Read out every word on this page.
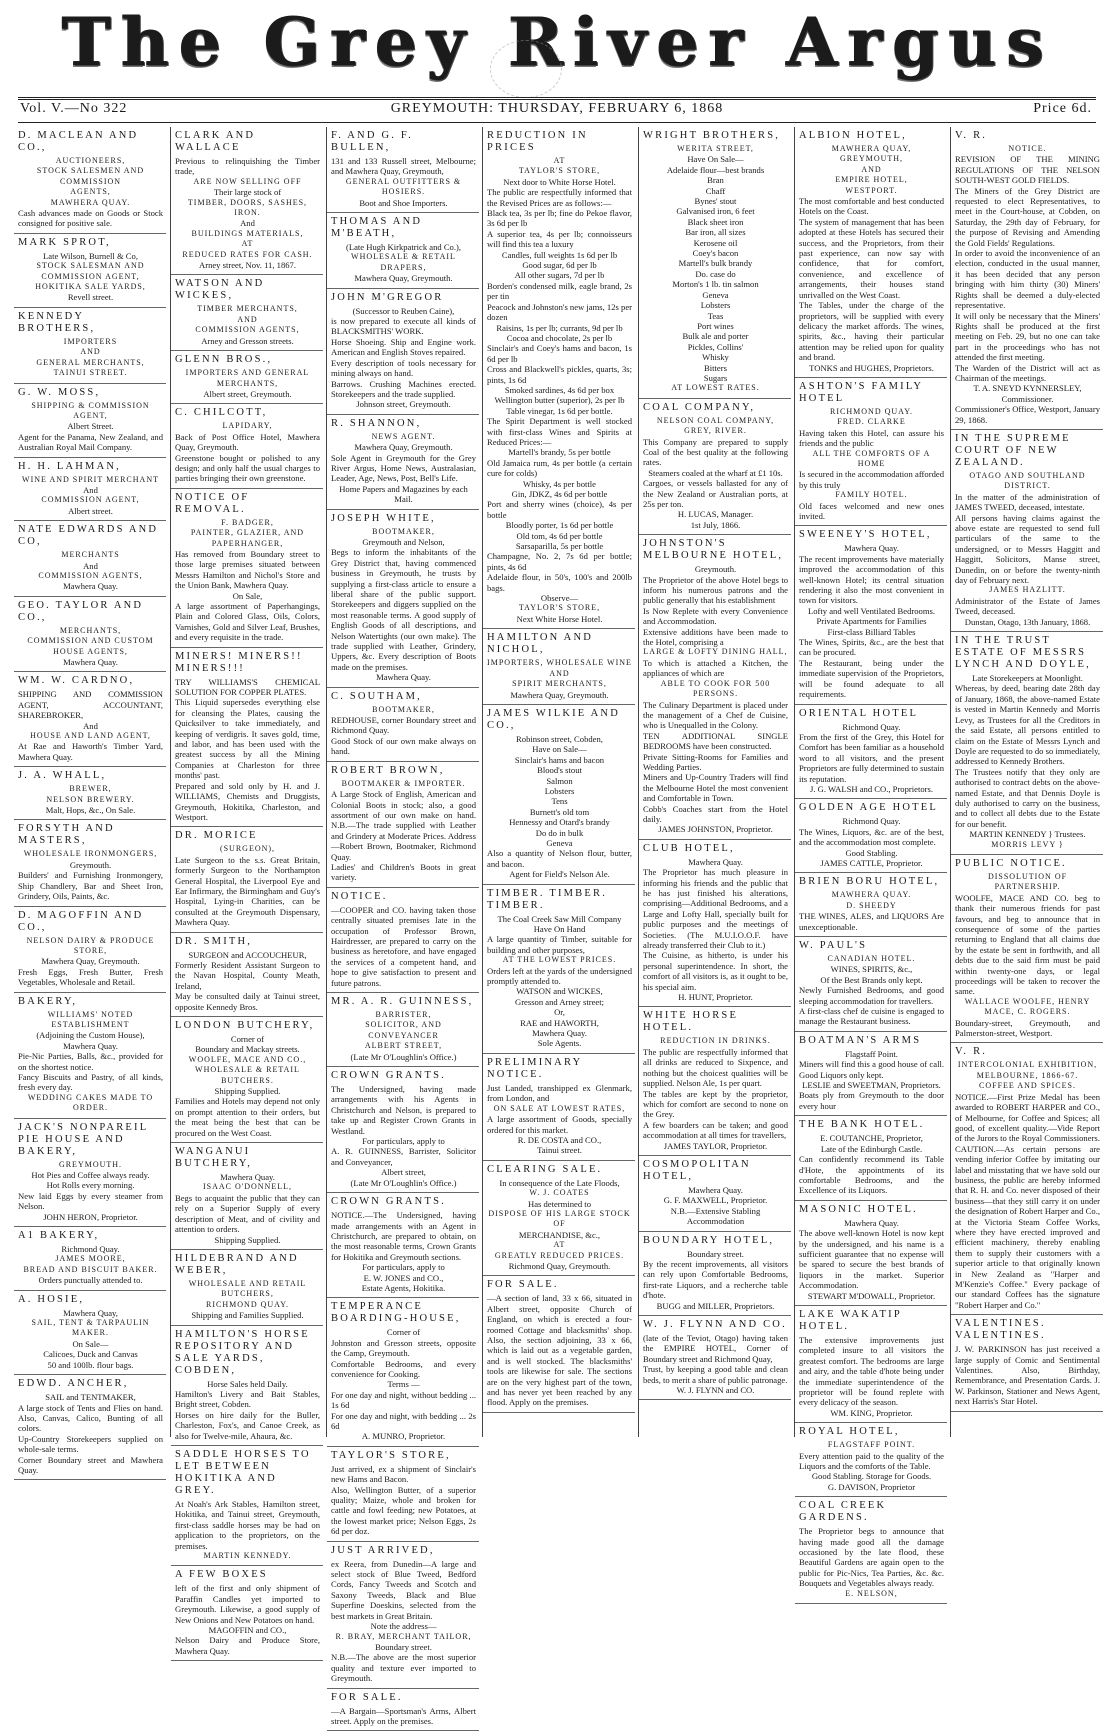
The Grey River Argus
Vol. V.—No 322	GREYMOUTH: THURSDAY, FEBRUARY 6, 1868	Price 6d.
D. MACLEAN AND CO.,
AUCTIONEERS,
STOCK SALESMEN AND COMMISSION
AGENTS,
MAWHERA QUAY.
Cash advances made on Goods or Stock consigned for positive sale.
MARK SPROT,
Late Wilson, Burnell & Co,
STOCK SALESMAN AND COMMISSION AGENT,
HOKITIKA SALE YARDS,
Revell street.
KENNEDY BROTHERS,
IMPORTERS
AND
GENERAL MERCHANTS,
TAINUI STREET.
G. W. MOSS,
SHIPPING & COMMISSION AGENT,
Albert Street.
Agent for the Panama, New Zealand, and Australian Royal Mail Company.
H. H. LAHMAN,
WINE AND SPIRIT MERCHANT
And
COMMISSION AGENT,
Albert street.
NATE EDWARDS AND CO,
MERCHANTS
And
COMMISSION AGENTS,
Mawhera Quay.
GEO. TAYLOR AND CO.,
MERCHANTS,
COMMISSION AND CUSTOM HOUSE AGENTS,
Mawhera Quay.
WM. W. CARDNO,
SHIPPING AND COMMISSION AGENT, ACCOUNTANT, SHAREBROKER,
And
HOUSE AND LAND AGENT,
At Rae and Haworth's Timber Yard, Mawhera Quay.
J. A. WHALL,
BREWER,
NELSON BREWERY.
Malt, Hops, &c., On Sale.
FORSYTH AND MASTERS,
WHOLESALE IRONMONGERS,
Greymouth.
Builders' and Furnishing Ironmongery, Ship Chandlery, Bar and Sheet Iron, Grindery, Oils, Paints, &c.
D. MAGOFFIN AND CO.,
NELSON DAIRY & PRODUCE STORE,
Mawhera Quay, Greymouth.
Fresh Eggs, Fresh Butter, Fresh Vegetables, Wholesale and Retail.
BAKERY,
WILLIAMS' NOTED ESTABLISHMENT
(Adjoining the Custom House),
Mawhera Quay.
Pie-Nic Parties, Balls, &c., provided for on the shortest notice.
Fancy Biscuits and Pastry, of all kinds, fresh every day.
WEDDING CAKES MADE TO ORDER.
JACK'S NONPAREIL PIE HOUSE AND BAKERY,
GREYMOUTH.
Hot Pies and Coffee always ready.
Hot Rolls every morning.
New laid Eggs by every steamer from Nelson.
JOHN HERON, Proprietor.
A1 BAKERY,
Richmond Quay.
JAMES MOORE,
BREAD AND BISCUIT BAKER.
Orders punctually attended to.
A. HOSIE,
Mawhera Quay,
SAIL, TENT & TARPAULIN MAKER.
On Sale—
Calicoes, Duck and Canvas
50 and 100lb. flour bags.
EDWD. ANCHER,
SAIL and TENTMAKER,
A large stock of Tents and Flies on hand. Also, Canvas, Calico, Bunting of all colors.
Up-Country Storekeepers supplied on whole-sale terms.
Corner Boundary street and Mawhera Quay.
CLARK AND WALLACE
Previous to relinquishing the Timber trade,
ARE NOW SELLING OFF
Their large stock of
TIMBER, DOORS, SASHES, IRON.
And
BUILDINGS MATERIALS,
AT
REDUCED RATES FOR CASH.
Arney street, Nov. 11, 1867.
WATSON AND WICKES,
TIMBER MERCHANTS,
AND
COMMISSION AGENTS,
Arney and Gresson streets.
GLENN BROS.,
IMPORTERS AND GENERAL
MERCHANTS,
Albert street, Greymouth.
C. CHILCOTT,
LAPIDARY,
Back of Post Office Hotel, Mawhera Quay, Greymouth.
Greenstone bought or polished to any design; and only half the usual charges to parties bringing their own greenstone.
NOTICE OF REMOVAL.
F. BADGER,
PAINTER, GLAZIER, AND PAPERHANGER,
Has removed from Boundary street to those large premises situated between Messrs Hamilton and Nichol's Store and the Union Bank, Mawhera Quay.
On Sale,
A large assortment of Paperhangings, Plain and Colored Glass, Oils, Colors, Varnishes, Gold and Silver Leaf, Brushes, and every requisite in the trade.
MINERS! MINERS!! MINERS!!!
TRY WILLIAMS'S CHEMICAL SOLUTION FOR COPPER PLATES.
This Liquid supersedes everything else for cleansing the Plates, causing the Quicksilver to take immediately, and keeping of verdigris. It saves gold, time, and labor, and has been used with the greatest success by all the Mining Companies at Charleston for three months' past.
Prepared and sold only by H. and J. WILLIAMS, Chemists and Druggists, Greymouth, Hokitika, Charleston, and Westport.
DR. MORICE
(SURGEON),
Late Surgeon to the s.s. Great Britain, formerly Surgeon to the Northampton General Hospital, the Liverpool Eye and Ear Infirmary, the Birmingham and Guy's Hospital, Lying-in Charities, can be consulted at the Greymouth Dispensary, Mawhera Quay.
DR. SMITH,
SURGEON and ACCOUCHEUR,
Formerly Resident Assistant Surgeon to the Navan Hospital, County Meath, Ireland,
May be consulted daily at Tainui street, opposite Kennedy Bros.
LONDON BUTCHERY,
Corner of
Boundary and Mackay streets.
WOOLFE, MACE AND CO.,
WHOLESALE & RETAIL BUTCHERS.
Shipping Supplied.
Families and Hotels may depend not only on prompt attention to their orders, but the meat being the best that can be procured on the West Coast.
WANGANUI BUTCHERY,
Mawhera Quay.
ISAAC O'DONNELL,
Begs to acquaint the public that they can rely on a Superior Supply of every description of Meat, and of civility and attention to orders.
Shipping Supplied.
HILDEBRAND AND WEBER,
WHOLESALE AND RETAIL
BUTCHERS,
RICHMOND QUAY.
Shipping and Families Supplied.
HAMILTON'S HORSE REPOSITORY AND SALE YARDS, COBDEN,
Horse Sales held Daily.
Hamilton's Livery and Bait Stables, Bright street, Cobden.
Horses on hire daily for the Buller, Charleston, Fox's, and Canoe Creek, as also for Twelve-mile, Ahaura, &c.
SADDLE HORSES TO LET BETWEEN HOKITIKA AND GREY.
At Noah's Ark Stables, Hamilton street, Hokitika, and Tainui street, Greymouth, first-class saddle horses may be had on application to the proprietors, on the premises.
MARTIN KENNEDY.
A FEW BOXES
left of the first and only shipment of Paraffin Candles yet imported to Greymouth. Likewise, a good supply of New Onions and New Potatoes on hand.
MAGOFFIN and CO.,
Nelson Dairy and Produce Store, Mawhera Quay.
F. AND G. F. BULLEN,
131 and 133 Russell street, Melbourne; and Mawhera Quay, Greymouth,
GENERAL OUTFITTERS & HOSIERS.
Boot and Shoe Importers.
THOMAS AND M'BEATH,
(Late Hugh Kirkpatrick and Co.),
WHOLESALE & RETAIL DRAPERS,
Mawhera Quay, Greymouth.
JOHN M'GREGOR
(Successor to Reuben Caine),
is now prepared to execute all kinds of BLACKSMITHS' WORK.
Horse Shoeing. Ship and Engine work. American and English Stoves repaired.
Every description of tools necessary for mining always on hand.
Barrows. Crushing Machines erected. Storekeepers and the trade supplied.
Johnson street, Greymouth.
R. SHANNON,
NEWS AGENT.
Mawhera Quay, Greymouth.
Sole Agent in Greymouth for the Grey River Argus, Home News, Australasian, Leader, Age, News, Post, Bell's Life.
Home Papers and Magazines by each Mail.
JOSEPH WHITE,
BOOTMAKER,
Greymouth and Nelson,
Begs to inform the inhabitants of the Grey District that, having commenced business in Greymouth, he trusts by supplying a first-class article to ensure a liberal share of the public support. Storekeepers and diggers supplied on the most reasonable terms. A good supply of English Goods of all descriptions, and Nelson Watertights (our own make). The trade supplied with Leather, Grindery, Uppers, &c. Every description of Boots made on the premises.
Mawhera Quay.
C. SOUTHAM,
BOOTMAKER,
REDHOUSE, corner Boundary street and Richmond Quay.
Good Stock of our own make always on hand.
ROBERT BROWN,
BOOTMAKER & IMPORTER.
A Large Stock of English, American and Colonial Boots in stock; also, a good assortment of our own make on hand. N.B.—The trade supplied with Leather and Grindery at Moderate Prices. Address—Robert Brown, Bootmaker, Richmond Quay.
Ladies' and Children's Boots in great variety.
NOTICE.
—COOPER and CO. having taken those centrally situated premises late in the occupation of Professor Brown, Hairdresser, are prepared to carry on the business as heretofore, and have engaged the services of a competent hand, and hope to give satisfaction to present and future patrons.
MR. A. R. GUINNESS,
BARRISTER,
SOLICITOR, AND CONVEYANCER
ALBERT STREET,
(Late Mr O'Loughlin's Office.)
CROWN GRANTS.
The Undersigned, having made arrangements with his Agents in Christchurch and Nelson, is prepared to take up and Register Crown Grants in Westland.
For particulars, apply to
A. R. GUINNESS, Barrister, Solicitor and Conveyancer,
Albert street,
(Late Mr O'Loughlin's Office.)
CROWN GRANTS.
NOTICE.—The Undersigned, having made arrangements with an Agent in Christchurch, are prepared to obtain, on the most reasonable terms, Crown Grants for Hokitika and Greymouth sections.
For particulars, apply to
E. W. JONES and CO.,
Estate Agents, Hokitika.
TEMPERANCE BOARDING-HOUSE,
Corner of
Johnston and Gresson streets, opposite the Camp, Greymouth.
Comfortable Bedrooms, and every convenience for Cooking.
Terms —
For one day and night, without bedding ... 1s 6d
For one day and night, with bedding ... 2s 6d
A. MUNRO, Proprietor.
TAYLOR'S STORE,
Just arrived, ex a shipment of Sinclair's new Hams and Bacon.
Also, Wellington Butter, of a superior quality; Maize, whole and broken for cattle and fowl feeding; new Potatoes, at the lowest market price; Nelson Eggs, 2s 6d per doz.
JUST ARRIVED,
ex Reera, from Dunedin—A large and select stock of Blue Tweed, Bedford Cords, Fancy Tweeds and Scotch and Saxony Tweeds, Black and Blue Superfine Doeskins, selected from the best markets in Great Britain.
Note the address—
R. BRAY, MERCHANT TAILOR,
Boundary street.
N.B.—The above are the most superior quality and texture ever imported to Greymouth.
FOR SALE.
—A Bargain—Sportsman's Arms, Albert street. Apply on the premises.
REDUCTION IN PRICES
AT
TAYLOR'S STORE,
Next door to White Horse Hotel.
The public are respectfully informed that the Revised Prices are as follows:—
Black tea, 3s per lb; fine do Pekoe flavor, 3s 6d per lb
A superior tea, 4s per lb; connoisseurs will find this tea a luxury
Candles, full weights 1s 6d per lb
Good sugar, 6d per lb
All other sugars, 7d per lb
Borden's condensed milk, eagle brand, 2s per tin
Peacock and Johnston's new jams, 12s per dozen
Raisins, 1s per lb; currants, 9d per lb
Cocoa and chocolate, 2s per lb
Sinclair's and Coey's hams and bacon, 1s 6d per lb
Cross and Blackwell's pickles, quarts, 3s; pints, 1s 6d
Smoked sardines, 4s 6d per box
Wellington butter (superior), 2s per lb
Table vinegar, 1s 6d per bottle.
The Spirit Department is well stocked with first-class Wines and Spirits at Reduced Prices:—
Martell's brandy, 5s per bottle
Old Jamaica rum, 4s per bottle (a certain cure for colds)
Whisky, 4s per bottle
Gin, JDKZ, 4s 6d per bottle
Port and sherry wines (choice), 4s per bottle
Bloodly porter, 1s 6d per bottle
Old tom, 4s 6d per bottle
Sarsaparilla, 5s per bottle
Champagne, No. 2, 7s 6d per bottle; pints, 4s 6d
Adelaide flour, in 50's, 100's and 200lb bags.
Observe—
TAYLOR'S STORE,
Next White Horse Hotel.
HAMILTON AND NICHOL,
IMPORTERS, WHOLESALE WINE AND
SPIRIT MERCHANTS,
Mawhera Quay, Greymouth.
JAMES WILKIE AND CO.,
Robinson street, Cobden,
Have on Sale—
Sinclair's hams and bacon
Blood's stout
Salmon
Lobsters
Tens
Burnett's old tom
Hennessy and Otard's brandy
Do do in bulk
Geneva
Also a quantity of Nelson flour, butter, and bacon.
Agent for Field's Nelson Ale.
TIMBER. TIMBER. TIMBER.
The Coal Creek Saw Mill Company
Have On Hand
A large quantity of Timber, suitable for building and other purposes,
AT THE LOWEST PRICES.
Orders left at the yards of the undersigned promptly attended to.
WATSON and WICKES,
Gresson and Arney street;
Or,
RAE and HAWORTH,
Mawhera Quay.
Sole Agents.
PRELIMINARY NOTICE.
Just Landed, transhipped ex Glenmark, from London, and
ON SALE AT LOWEST RATES,
A large assortment of Goods, specially ordered for this market.
R. DE COSTA and CO.,
Tainui street.
CLEARING SALE.
In consequence of the Late Floods,
W. J. COATES
Has determined to
DISPOSE OF HIS LARGE STOCK OF
MERCHANDISE, &c.,
AT
GREATLY REDUCED PRICES.
Richmond Quay, Greymouth.
FOR SALE.
—A section of land, 33 x 66, situated in Albert street, opposite Church of England, on which is erected a four-roomed Cottage and blacksmiths' shop. Also, the section adjoining, 33 x 66, which is laid out as a vegetable garden, and is well stocked. The blacksmiths' tools are likewise for sale. The sections are on the very highest part of the town, and has never yet been reached by any flood. Apply on the premises.
WRIGHT BROTHERS,
WERITA STREET,
Have On Sale—
Adelaide flour—best brands
Bran
Chaff
Bynes' stout
Galvanised iron, 6 feet
Black sheet iron
Bar iron, all sizes
Kerosene oil
Coey's bacon
Martell's bulk brandy
Do. case do
Morton's 1 lb. tin salmon
Geneva
Lobsters
Teas
Port wines
Bulk ale and porter
Pickles, Collins'
Whisky
Bitters
Sugars
AT LOWEST RATES.
COAL COMPANY,
NELSON COAL COMPANY, GREY, RIVER.
This Company are prepared to supply Coal of the best quality at the following rates.
Steamers coaled at the wharf at £1 10s.
Cargoes, or vessels ballasted for any of the New Zealand or Australian ports, at 25s per ton.
H. LUCAS, Manager.
1st July, 1866.
JOHNSTON'S MELBOURNE HOTEL,
Greymouth.
The Proprietor of the above Hotel begs to inform his numerous patrons and the public generally that his establishment
Is Now Replete with every Convenience and Accommodation.
Extensive additions have been made to the Hotel, comprising a
LARGE & LOFTY DINING HALL,
To which is attached a Kitchen, the appliances of which are
ABLE TO COOK FOR 500 PERSONS.
The Culinary Department is placed under the management of a Chef de Cuisine, who is Unequalled in the Colony.
TEN ADDITIONAL SINGLE BEDROOMS have been constructed.
Private Sitting-Rooms for Families and Wedding Parties.
Miners and Up-Country Traders will find the Melbourne Hotel the most convenient and Comfortable in Town.
Cobb's Coaches start from the Hotel daily.
JAMES JOHNSTON, Proprietor.
CLUB HOTEL,
Mawhera Quay.
The Proprietor has much pleasure in informing his friends and the public that he has just finished his alterations, comprising—Additional Bedrooms, and a Large and Lofty Hall, specially built for public purposes and the meetings of Societies. (The M.U.I.O.O.F. have already transferred their Club to it.)
The Cuisine, as hitherto, is under his personal superintendence. In short, the comfort of all visitors is, as it ought to be, his special aim.
H. HUNT, Proprietor.
WHITE HORSE HOTEL.
REDUCTION IN DRINKS.
The public are respectfully informed that all drinks are reduced to Sixpence, and nothing but the choicest qualities will be supplied. Nelson Ale, 1s per quart.
The tables are kept by the proprietor, which for comfort are second to none on the Grey.
A few boarders can be taken; and good accommodation at all times for travellers,
JAMES TAYLOR, Proprietor.
COSMOPOLITAN HOTEL,
Mawhera Quay.
G. F. MAXWELL, Proprietor.
N.B.—Extensive Stabling Accommodation
BOUNDARY HOTEL,
Boundary street.
By the recent improvements, all visitors can rely upon Comfortable Bedrooms, first-rate Liquors, and a recherche table d'hote.
BUGG and MILLER, Proprietors.
W. J. FLYNN AND CO.
(late of the Teviot, Otago) having taken the EMPIRE HOTEL, Corner of Boundary street and Richmond Quay,
Trust, by keeping a good table and clean beds, to merit a share of public patronage.
W. J. FLYNN and CO.
ALBION HOTEL,
MAWHERA QUAY, GREYMOUTH,
AND
EMPIRE HOTEL,
WESTPORT.
The most comfortable and best conducted Hotels on the Coast.
The system of management that has been adopted at these Hotels has secured their success, and the Proprietors, from their past experience, can now say with confidence, that for comfort, convenience, and excellence of arrangements, their houses stand unrivalled on the West Coast.
The Tables, under the charge of the proprietors, will be supplied with every delicacy the market affords. The wines, spirits, &c., having their particular attention may be relied upon for quality and brand.
TONKS and HUGHES, Proprietors.
ASHTON'S FAMILY HOTEL
RICHMOND QUAY.
FRED. CLARKE
Having taken this Hotel, can assure his friends and the public
ALL THE COMFORTS OF A HOME
Is secured in the accommodation afforded by this truly
FAMILY HOTEL.
Old faces welcomed and new ones invited.
SWEENEY'S HOTEL,
Mawhera Quay.
The recent improvements have materially improved the accommodation of this well-known Hotel; its central situation rendering it also the most convenient in town for visitors.
Lofty and well Ventilated Bedrooms.
Private Apartments for Families
First-class Billiard Tables
The Wines, Spirits, &c., are the best that can be procured.
The Restaurant, being under the immediate supervision of the Proprietors, will be found adequate to all requirements.
ORIENTAL HOTEL
Richmond Quay.
From the first of the Grey, this Hotel for Comfort has been familiar as a household word to all visitors, and the present Proprietors are fully determined to sustain its reputation.
J. G. WALSH and CO., Proprietors.
GOLDEN AGE HOTEL
Richmond Quay.
The Wines, Liquors, &c. are of the best, and the accommodation most complete.
Good Stabling.
JAMES CATTLE, Proprietor.
BRIEN BORU HOTEL,
MAWHERA QUAY.
D. SHEEDY
THE WINES, ALES, and LIQUORS Are unexceptionable.
W. PAUL'S
CANADIAN HOTEL.
WINES, SPIRITS, &c.,
Of the Best Brands only kept.
Newly Furnished Bedrooms, and good sleeping accommodation for travellers.
A first-class chef de cuisine is engaged to manage the Restaurant business.
BOATMAN'S ARMS
Flagstaff Point.
Miners will find this a good house of call. Good Liquors only kept.
LESLIE and SWEETMAN, Proprietors.
Boats ply from Greymouth to the door every hour
THE BANK HOTEL.
E. COUTANCHE, Proprietor,
Late of the Edinburgh Castle.
Can confidently recommend its Table d'Hote, the appointments of its comfortable Bedrooms, and the Excellence of its Liquors.
MASONIC HOTEL.
Mawhera Quay.
The above well-known Hotel is now kept by the undersigned, and his name is a sufficient guarantee that no expense will be spared to secure the best brands of liquors in the market. Superior Accommodation.
STEWART M'DOWALL, Proprietor.
LAKE WAKATIP HOTEL.
The extensive improvements just completed insure to all visitors the greatest comfort. The bedrooms are large and airy, and the table d'hote being under the immediate superintendence of the proprietor will be found replete with every delicacy of the season.
WM. KING, Proprietor.
ROYAL HOTEL,
FLAGSTAFF POINT.
Every attention paid to the quality of the Liquors and the comforts of the Table.
Good Stabling. Storage for Goods.
G. DAVISON, Proprietor
COAL CREEK GARDENS.
The Proprietor begs to announce that having made good all the damage occasioned by the late flood, these Beautiful Gardens are again open to the public for Pic-Nics, Tea Parties, &c. &c. Bouquets and Vegetables always ready.
E. NELSON,
V. R.
NOTICE.
REVISION OF THE MINING REGULATIONS OF THE NELSON SOUTH-WEST GOLD FIELDS.
The Miners of the Grey District are requested to elect Representatives, to meet in the Court-house, at Cobden, on Saturday, the 29th day of February, for the purpose of Revising and Amending the Gold Fields' Regulations.
In order to avoid the inconvenience of an election, conducted in the usual manner, it has been decided that any person bringing with him thirty (30) Miners' Rights shall be deemed a duly-elected representative.
It will only be necessary that the Miners' Rights shall be produced at the first meeting on Feb. 29, but no one can take part in the proceedings who has not attended the first meeting.
The Warden of the District will act as Chairman of the meetings.
T. A. SNEYD KYNNERSLEY, Commissioner.
Commissioner's Office, Westport, January 29, 1868.
IN THE SUPREME COURT OF NEW ZEALAND.
OTAGO AND SOUTHLAND DISTRICT.
In the matter of the administration of JAMES TWEED, deceased, intestate.
All persons having claims against the above estate are requested to send full particulars of the same to the undersigned, or to Messrs Haggitt and Haggitt, Solicitors, Manse street, Dunedin, on or before the twenty-ninth day of February next.
JAMES HAZLITT.
Administrator of the Estate of James Tweed, deceased.
Dunstan, Otago, 13th January, 1868.
IN THE TRUST ESTATE OF MESSRS LYNCH AND DOYLE,
Late Storekeepers at Moonlight.
Whereas, by deed, bearing date 28th day of January, 1868, the above-named Estate is vested in Martin Kennedy and Morris Levy, as Trustees for all the Creditors in the said Estate, all persons entitled to claim on the Estate of Messrs Lynch and Doyle are requested to do so immediately, addressed to Kennedy Brothers.
The Trustees notify that they only are authorised to contract debts on the above-named Estate, and that Dennis Doyle is duly authorised to carry on the business, and to collect all debts due to the Estate for our benefit.
MARTIN KENNEDY } Trustees.
MORRIS LEVY }
PUBLIC NOTICE.
DISSOLUTION OF PARTNERSHIP.
WOOLFE, MACE AND CO. beg to thank their numerous friends for past favours, and beg to announce that in consequence of some of the parties returning to England that all claims due by the estate be sent in forthwith, and all debts due to the said firm must be paid within twenty-one days, or legal proceedings will be taken to recover the same.
WALLACE WOOLFE, HENRY MACE, C. ROGERS.
Boundary-street, Greymouth, and Palmerston-street, Westport.
V. R.
INTERCOLONIAL EXHIBITION, MELBOURNE, 1866-67.
COFFEE AND SPICES.
NOTICE.—First Prize Medal has been awarded to ROBERT HARPER and CO., of Melbourne, for Coffee and Spices; all good, of excellent quality.—Vide Report of the Jurors to the Royal Commissioners.
CAUTION.—As certain persons are vending inferior Coffee by imitating our label and misstating that we have sold our business, the public are hereby informed that R. H. and Co. never disposed of their business—that they still carry it on under the designation of Robert Harper and Co., at the Victoria Steam Coffee Works, where they have erected improved and efficient machinery, thereby enabling them to supply their customers with a superior article to that originally known in New Zealand as "Harper and M'Kenzie's Coffee." Every package of our standard Coffees has the signature "Robert Harper and Co."
VALENTINES. VALENTINES.
J. W. PARKINSON has just received a large supply of Comic and Sentimental Valentines. Also, Birthday, Remembrance, and Presentation Cards. J. W. Parkinson, Stationer and News Agent, next Harris's Star Hotel.
